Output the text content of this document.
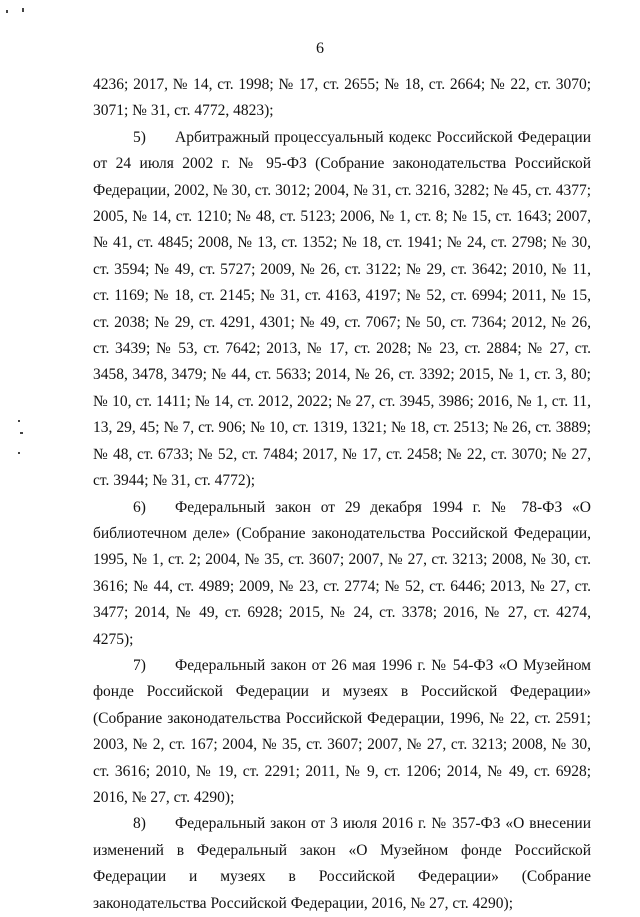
6

4236; 2017, № 14, ст. 1998; № 17, ст. 2655; № 18, ст. 2664; № 22, ст. 3070; 3071; № 31, ст. 4772, 4823);

5) Арбитражный процессуальный кодекс Российской Федерации от 24 июля 2002 г. № 95-ФЗ (Собрание законодательства Российской Федерации, 2002, № 30, ст. 3012; 2004, № 31, ст. 3216, 3282; № 45, ст. 4377; 2005, № 14, ст. 1210; № 48, ст. 5123; 2006, № 1, ст. 8; № 15, ст. 1643; 2007, № 41, ст. 4845; 2008, № 13, ст. 1352; № 18, ст. 1941; № 24, ст. 2798; № 30, ст. 3594; № 49, ст. 5727; 2009, № 26, ст. 3122; № 29, ст. 3642; 2010, № 11, ст. 1169; № 18, ст. 2145; № 31, ст. 4163, 4197; № 52, ст. 6994; 2011, № 15, ст. 2038; № 29, ст. 4291, 4301; № 49, ст. 7067; № 50, ст. 7364; 2012, № 26, ст. 3439; № 53, ст. 7642; 2013, № 17, ст. 2028; № 23, ст. 2884; № 27, ст. 3458, 3478, 3479; № 44, ст. 5633; 2014, № 26, ст. 3392; 2015, № 1, ст. 3, 80; № 10, ст. 1411; № 14, ст. 2012, 2022; № 27, ст. 3945, 3986; 2016, № 1, ст. 11, 13, 29, 45; № 7, ст. 906; № 10, ст. 1319, 1321; № 18, ст. 2513; № 26, ст. 3889; № 48, ст. 6733; № 52, ст. 7484; 2017, № 17, ст. 2458; № 22, ст. 3070; № 27, ст. 3944; № 31, ст. 4772);

6) Федеральный закон от 29 декабря 1994 г. № 78-ФЗ «О библиотечном деле» (Собрание законодательства Российской Федерации, 1995, № 1, ст. 2; 2004, № 35, ст. 3607; 2007, № 27, ст. 3213; 2008, № 30, ст. 3616; № 44, ст. 4989; 2009, № 23, ст. 2774; № 52, ст. 6446; 2013, № 27, ст. 3477; 2014, № 49, ст. 6928; 2015, № 24, ст. 3378; 2016, № 27, ст. 4274, 4275);

7) Федеральный закон от 26 мая 1996 г. № 54-ФЗ «О Музейном фонде Российской Федерации и музеях в Российской Федерации» (Собрание законодательства Российской Федерации, 1996, № 22, ст. 2591; 2003, № 2, ст. 167; 2004, № 35, ст. 3607; 2007, № 27, ст. 3213; 2008, № 30, ст. 3616; 2010, № 19, ст. 2291; 2011, № 9, ст. 1206; 2014, № 49, ст. 6928; 2016, № 27, ст. 4290);

8) Федеральный закон от 3 июля 2016 г. № 357-ФЗ «О внесении изменений в Федеральный закон «О Музейном фонде Российской Федерации и музеях в Российской Федерации» (Собрание законодательства Российской Федерации, 2016, № 27, ст. 4290);
